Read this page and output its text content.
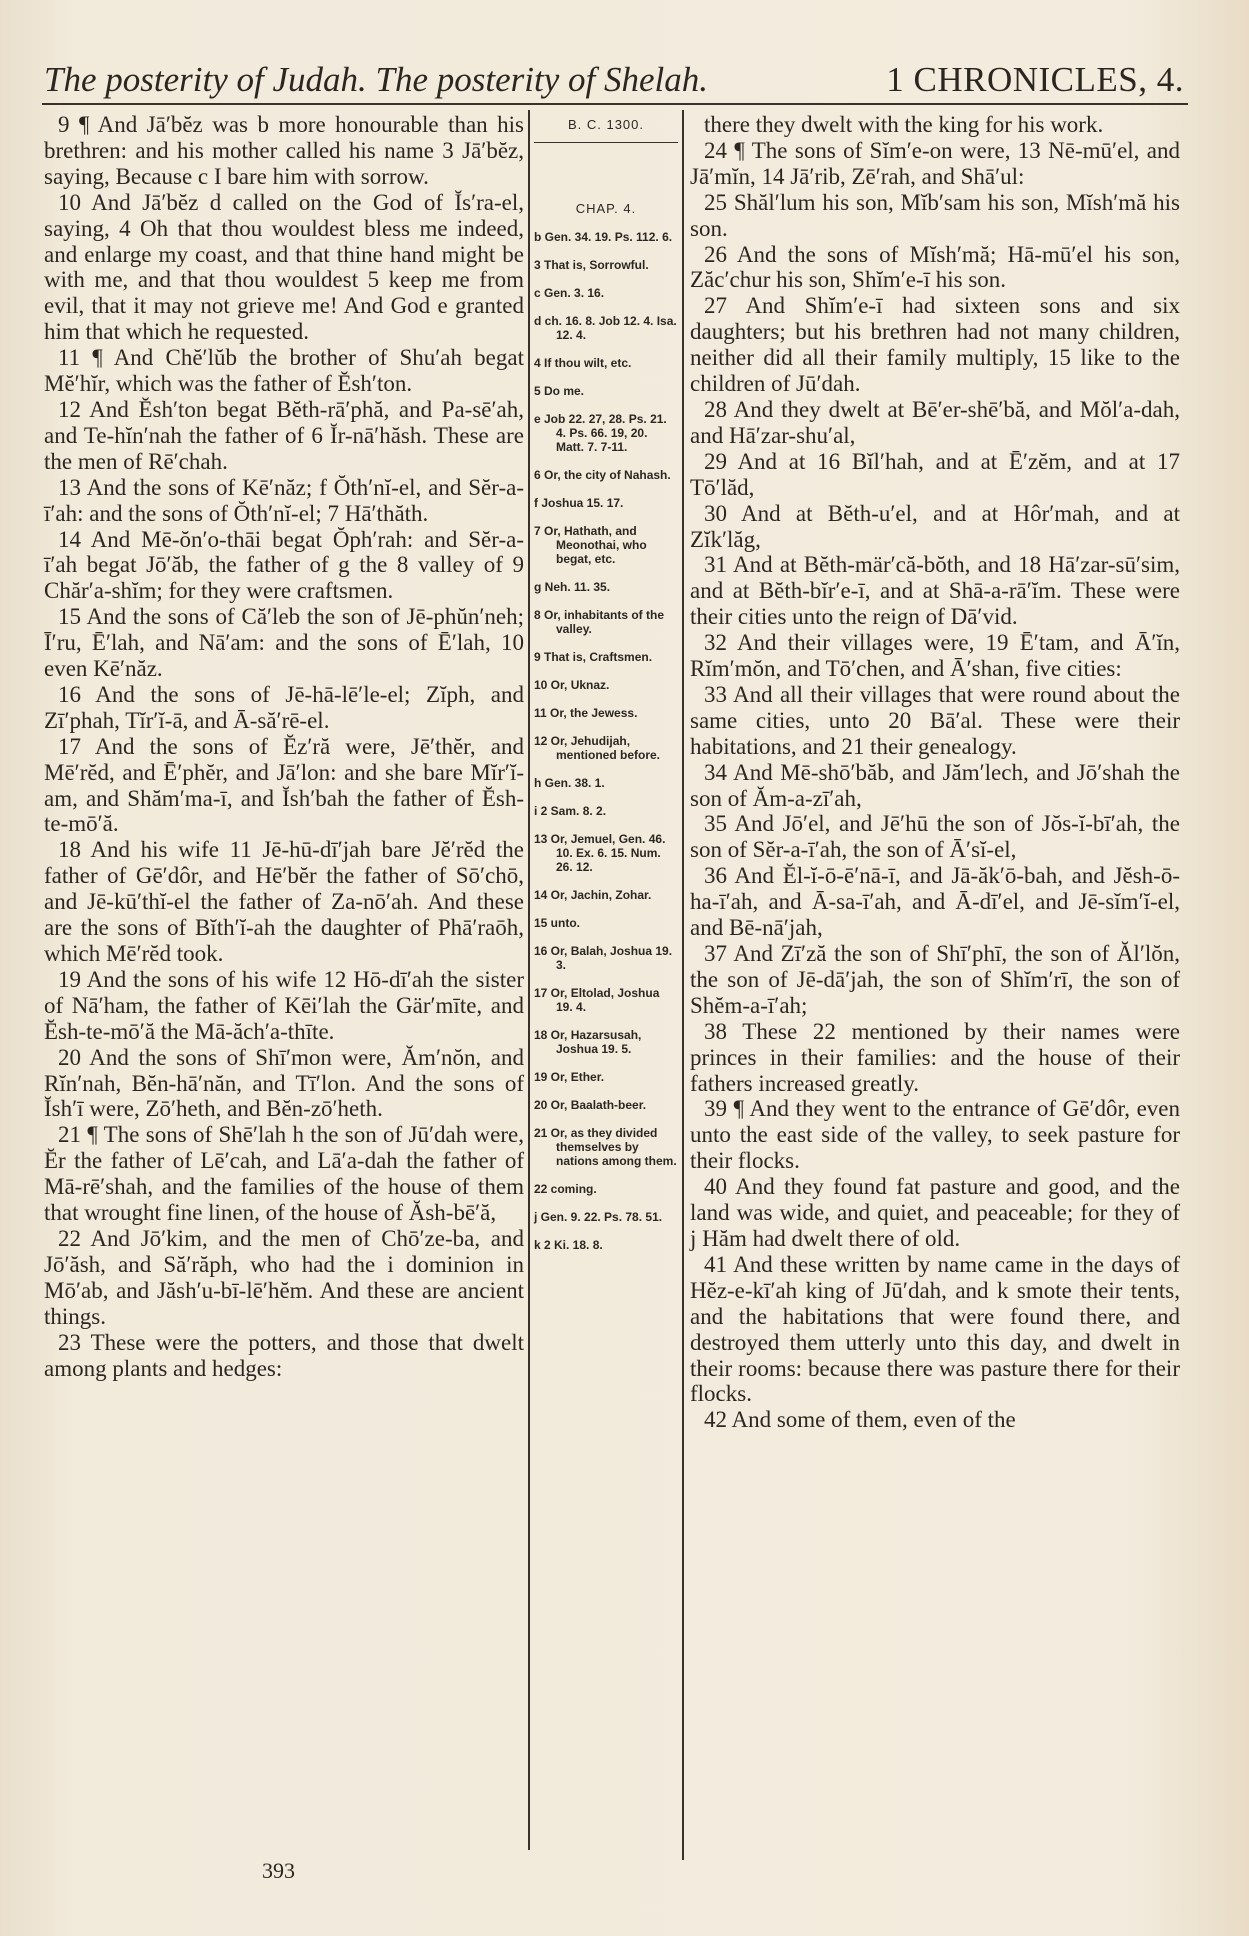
The posterity of Judah. The posterity of Shelah.	1 CHRONICLES, 4.

9 ¶ And Jā′bĕz was b more honourable than his brethren: and his mother called his name 3 Jā′bĕz, saying, Because c I bare him with sorrow.

10 And Jā′bĕz d called on the God of Ĭs′ra-el, saying, 4 Oh that thou wouldest bless me indeed, and enlarge my coast, and that thine hand might be with me, and that thou wouldest 5 keep me from evil, that it may not grieve me! And God e granted him that which he requested.

11 ¶ And Chĕ′lŭb the brother of Shu′ah begat Mĕ′hĭr, which was the father of Ĕsh′ton.

12 And Ĕsh′ton begat Bĕth-rā′phă, and Pa-sē′ah, and Te-hĭn′nah the father of 6 Ĭr-nā′hăsh. These are the men of Rē′chah.

13 And the sons of Kē′năz; f Ŏth′nĭ-el, and Sĕr-a-ī′ah: and the sons of Ŏth′nĭ-el; 7 Hā′thăth.

14 And Mē-ŏn′o-thāi begat Ŏph′rah: and Sĕr-a-ī′ah begat Jō′ăb, the father of g the 8 valley of 9 Chăr′a-shĭm; for they were craftsmen.

15 And the sons of Că′leb the son of Jē-phŭn′neh; Ī′ru, Ē′lah, and Nā′am: and the sons of Ē′lah, 10 even Kē′năz.

16 And the sons of Jē-hā-lē′le-el; Zĭph, and Zī′phah, Tĭr′ĭ-ā, and Ā-să′rē-el.

17 And the sons of Ĕz′ră were, Jē′thĕr, and Mē′rĕd, and Ē′phĕr, and Jā′lon: and she bare Mĭr′ĭ-am, and Shăm′ma-ī, and Ĭsh′bah the father of Ĕsh-te-mō′ă.

18 And his wife 11 Jē-hū-dī′jah bare Jĕ′rĕd the father of Gē′dôr, and Hē′bĕr the father of Sō′chō, and Jē-kū′thĭ-el the father of Za-nō′ah. And these are the sons of Bĭth′ĭ-ah the daughter of Phā′raōh, which Mē′rĕd took.

19 And the sons of his wife 12 Hō-dī′ah the sister of Nā′ham, the father of Kēi′lah the Gär′mīte, and Ĕsh-te-mō′ă the Mā-ăch′a-thīte.

20 And the sons of Shī′mon were, Ăm′nŏn, and Rĭn′nah, Bĕn-hā′năn, and Tī′lon. And the sons of Ĭsh′ī were, Zō′heth, and Bĕn-zō′heth.

21 ¶ The sons of Shē′lah h the son of Jū′dah were, Ĕr the father of Lē′cah, and Lā′a-dah the father of Mā-rē′shah, and the families of the house of them that wrought fine linen, of the house of Ăsh-bē′ă,

22 And Jō′kim, and the men of Chō′ze-ba, and Jō′ăsh, and Să′răph, who had the i dominion in Mō′ab, and Jăsh′u-bī-lē′hĕm. And these are ancient things.

23 These were the potters, and those that dwelt among plants and hedges:

B. C. 1300.
CHAP. 4.

b Gen. 34. 19. Ps. 112. 6.

3 That is, Sorrowful.

c Gen. 3. 16.

d ch. 16. 8. Job 12. 4. Isa. 12. 4.

4 If thou wilt, etc.

5 Do me.

e Job 22. 27, 28. Ps. 21. 4. Ps. 66. 19, 20. Matt. 7. 7-11.

6 Or, the city of Nahash.

f Joshua 15. 17.

7 Or, Hathath, and Meonothai, who begat, etc.

g Neh. 11. 35.

8 Or, inhabitants of the valley.

9 That is, Craftsmen.

10 Or, Uknaz.

11 Or, the Jewess.

12 Or, Jehudijah, mentioned before.

h Gen. 38. 1.

i 2 Sam. 8. 2.

13 Or, Jemuel, Gen. 46. 10. Ex. 6. 15. Num. 26. 12.

14 Or, Jachin, Zohar.

15 unto.

16 Or, Balah, Joshua 19. 3.

17 Or, Eltolad, Joshua 19. 4.

18 Or, Hazarsusah, Joshua 19. 5.

19 Or, Ether.

20 Or, Baalath-beer.

21 Or, as they divided themselves by nations among them.

22 coming.

j Gen. 9. 22. Ps. 78. 51.

k 2 Ki. 18. 8.

there they dwelt with the king for his work.

24 ¶ The sons of Sĭm′e-on were, 13 Nē-mū′el, and Jā′mĭn, 14 Jā′rib, Zē′rah, and Shā′ul:

25 Shăl′lum his son, Mĭb′sam his son, Mĭsh′mă his son.

26 And the sons of Mĭsh′mă; Hā-mū′el his son, Zăc′chur his son, Shĭm′e-ī his son.

27 And Shĭm′e-ī had sixteen sons and six daughters; but his brethren had not many children, neither did all their family multiply, 15 like to the children of Jū′dah.

28 And they dwelt at Bē′er-shē′bă, and Mŏl′a-dah, and Hā′zar-shu′al,

29 And at 16 Bĭl′hah, and at Ē′zĕm, and at 17 Tō′lăd,

30 And at Bĕth-u′el, and at Hôr′mah, and at Zĭk′lăg,

31 And at Bĕth-mär′că-bŏth, and 18 Hā′zar-sū′sim, and at Bĕth-bĭr′e-ī, and at Shā-a-rā′ĭm. These were their cities unto the reign of Dā′vid.

32 And their villages were, 19 Ē′tam, and Ā′ĭn, Rĭm′mŏn, and Tō′chen, and Ā′shan, five cities:

33 And all their villages that were round about the same cities, unto 20 Bā′al. These were their habitations, and 21 their genealogy.

34 And Mē-shō′băb, and Jăm′lech, and Jō′shah the son of Ăm-a-zī′ah,

35 And Jō′el, and Jē′hū the son of Jŏs-ĭ-bī′ah, the son of Sĕr-a-ī′ah, the son of Ā′sĭ-el,

36 And Ĕl-ĭ-ō-ē′nā-ī, and Jā-ăk′ō-bah, and Jĕsh-ō-ha-ī′ah, and Ā-sa-ī′ah, and Ā-dī′el, and Jē-sĭm′ĭ-el, and Bē-nā′jah,

37 And Zī′ză the son of Shī′phī, the son of Ăl′lŏn, the son of Jē-dā′jah, the son of Shĭm′rī, the son of Shĕm-a-ī′ah;

38 These 22 mentioned by their names were princes in their families: and the house of their fathers increased greatly.

39 ¶ And they went to the entrance of Gē′dôr, even unto the east side of the valley, to seek pasture for their flocks.

40 And they found fat pasture and good, and the land was wide, and quiet, and peaceable; for they of j Hăm had dwelt there of old.

41 And these written by name came in the days of Hĕz-e-kī′ah king of Jū′dah, and k smote their tents, and the habitations that were found there, and destroyed them utterly unto this day, and dwelt in their rooms: because there was pasture there for their flocks.

42 And some of them, even of the

393
